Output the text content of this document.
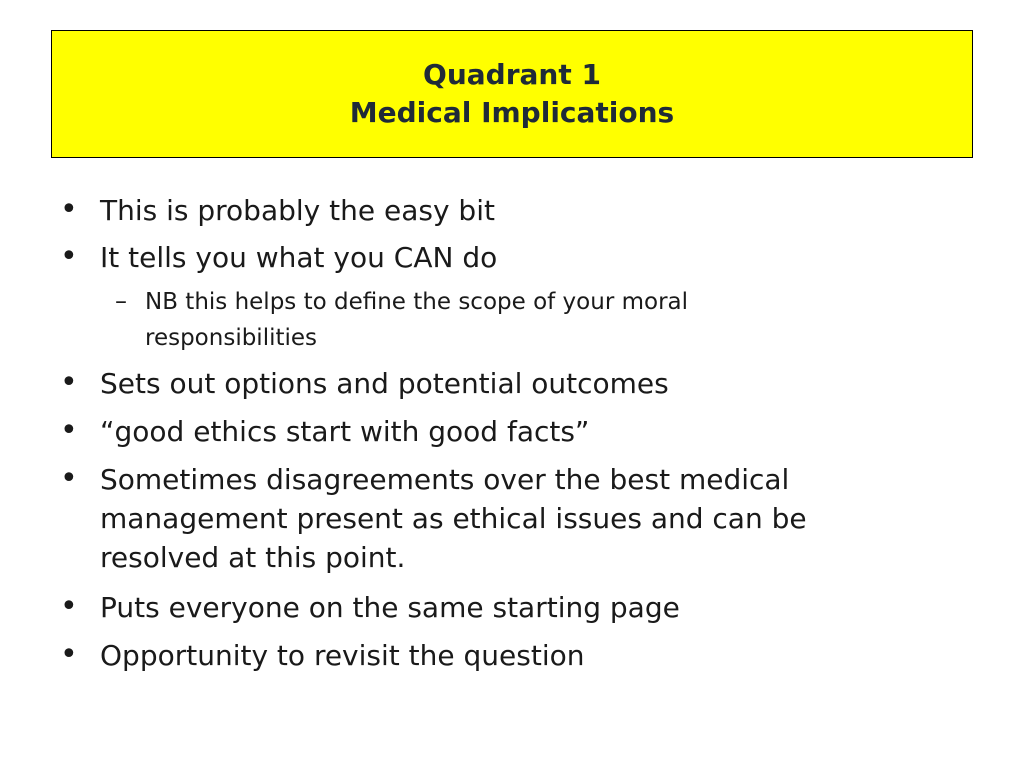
Quadrant 1
Medical Implications
• This is probably the easy bit
• It tells you what you CAN do
– NB this helps to define the scope of your moral
responsibilities
• Sets out options and potential outcomes
• “good ethics start with good facts”
• Sometimes disagreements over the best medical
management present as ethical issues and can be
resolved at this point.
• Puts everyone on the same starting page
• Opportunity to revisit the question
